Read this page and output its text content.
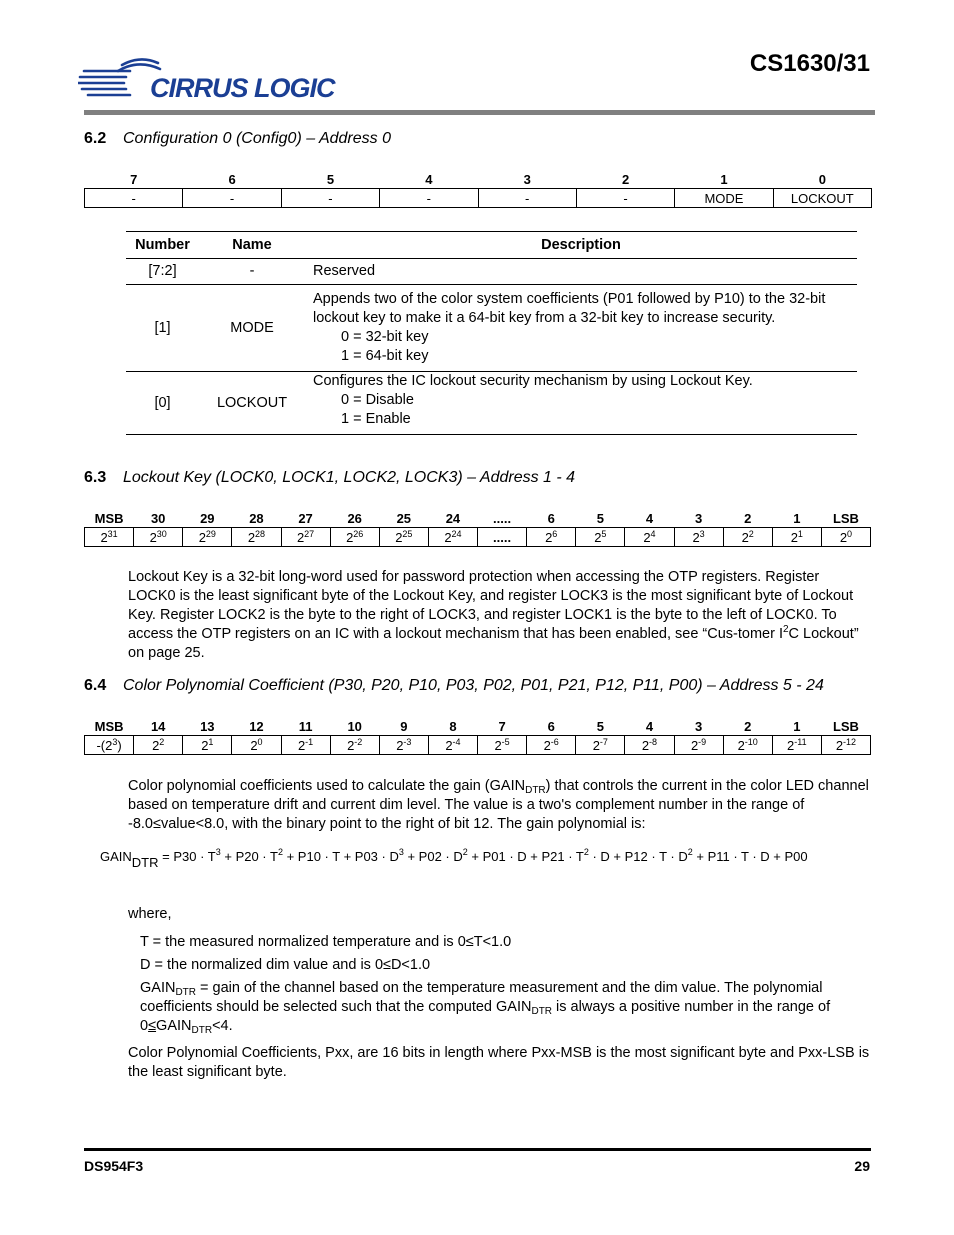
CIRRUS LOGIC
CS1630/31
6.2 Configuration 0 (Config0) – Address 0
7	6	5	4	3	2	1	0
-	-	-	-	-	-	MODE	LOCKOUT
Number	Name	Description
[7:2]	-	Reserved
[1]	MODE	Appends two of the color system coefficients (P01 followed by P10) to the 32-bit lockout key to make it a 64-bit key from a 32-bit key to increase security.
0 = 32-bit key
1 = 64-bit key

[0]	LOCKOUT	Configures the IC lockout security mechanism by using Lockout Key.
0 = Disable
1 = Enable
6.3 Lockout Key (LOCK0, LOCK1, LOCK2, LOCK3) – Address 1 - 4
MSB	30	29	28	27	26	25	24	.....	6	5	4	3	2	1	LSB
$2^{31}$	$2^{30}$	$2^{29}$	$2^{28}$	$2^{27}$	$2^{26}$	$2^{25}$	$2^{24}$	.....	$2^6$	$2^5$	$2^4$	$2^3$	$2^2$	$2^1$	$2^0$
Lockout Key is a 32-bit long-word used for password protection when accessing the OTP registers. Register LOCK0 is the least significant byte of the Lockout Key, and register LOCK3 is the most significant byte of Lockout Key. Register LOCK2 is the byte to the right of LOCK3, and register LOCK1 is the byte to the left of LOCK0. To access the OTP registers on an IC with a lockout mechanism that has been enabled, see “Cus-tomer $I^2C$ Lockout” on page 25.
6.4 Color Polynomial Coefficient (P30, P20, P10, P03, P02, P01, P21, P12, P11, P00) – Address 5 - 24
MSB	14	13	12	11	10	9	8	7	6	5	4	3	2	1	LSB
$-(2^3)$	$2^2$	$2^1$	$2^0$	$2^{-1}$	$2^{-2}$	$2^{-3}$	$2^{-4}$	$2^{-5}$	$2^{-6}$	$2^{-7}$	$2^{-8}$	$2^{-9}$	$2^{-10}$	$2^{-11}$	$2^{-12}$
Color polynomial coefficients used to calculate the gain $(GAIN_{DTR})$ that controls the current in the color LED channel based on temperature drift and current dim level. The value is a two's complement number in the range of -8.0≤value<8.0, with the binary point to the right of bit 12. The gain polynomial is:
$GAIN_{DTR} = P30 \cdot T^3 + P20 \cdot T^2 + P10 \cdot T + P03 \cdot D^3 + P02 \cdot D^2 + P01 \cdot D + P21 \cdot T^2 \cdot D + P12 \cdot T \cdot D^2 + P11 \cdot T \cdot D + P00$
where,
T = the measured normalized temperature and is 0≤T<1.0
D = the normalized dim value and is 0≤D<1.0
$GAIN_{DTR}$ = gain of the channel based on the temperature measurement and the dim value. The polynomial coefficients should be selected such that the computed $GAIN_{DTR}$ is always a positive number in the range of $0\le GAIN_{DTR}<4$.
Color Polynomial Coefficients, Pxx, are 16 bits in length where Pxx-MSB is the most significant byte and Pxx-LSB is the least significant byte.
DS954F3	29
